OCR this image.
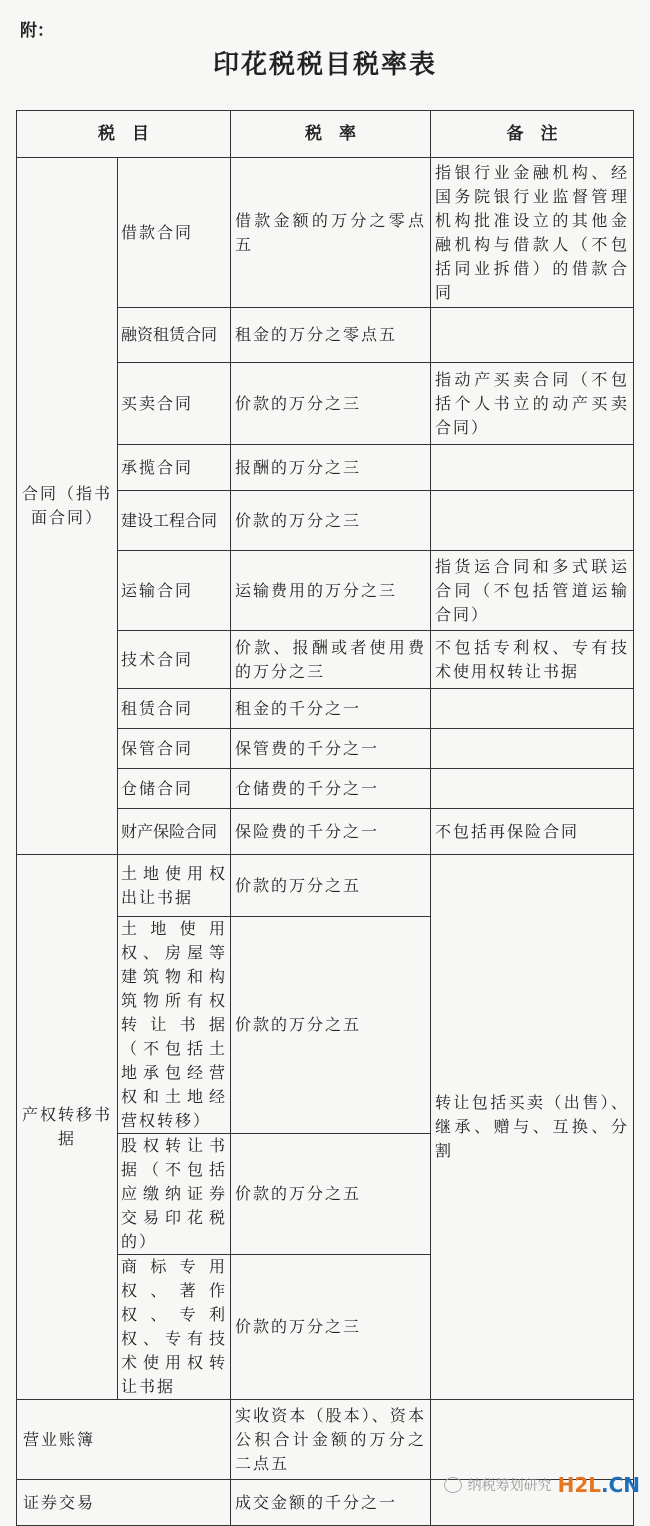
附：
印花税税目税率表
税　目		税　率	备　注
合同（指书面合同）	借款合同	借款金额的万分之零点五	指银行业金融机构、经国务院银行业监督管理机构批准设立的其他金融机构与借款人（不包括同业拆借）的借款合同
	融资租赁合同	租金的万分之零点五	
	买卖合同	价款的万分之三	指动产买卖合同（不包括个人书立的动产买卖合同）
	承揽合同	报酬的万分之三	
	建设工程合同	价款的万分之三	
	运输合同	运输费用的万分之三	指货运合同和多式联运合同（不包括管道运输合同）
	技术合同	价款、报酬或者使用费的万分之三	不包括专利权、专有技术使用权转让书据
	租赁合同	租金的千分之一	
	保管合同	保管费的千分之一	
	仓储合同	仓储费的千分之一	
	财产保险合同	保险费的千分之一	不包括再保险合同
产权转移书据	土地使用权出让书据	价款的万分之五	转让包括买卖（出售）、继承、赠与、互换、分割
	土地使用权、房屋等建筑物和构筑物所有权转让书据（不包括土地承包经营权和土地经营权转移）	价款的万分之五	
	股权转让书据（不包括应缴纳证券交易印花税的）	价款的万分之五	
	商标专用权、著作权、专利权、专有技术使用权转让书据	价款的万分之三	
营业账簿		实收资本（股本）、资本公积合计金额的万分之二点五	
证券交易		成交金额的千分之一	
纳税筹划研究 H2L.CN
